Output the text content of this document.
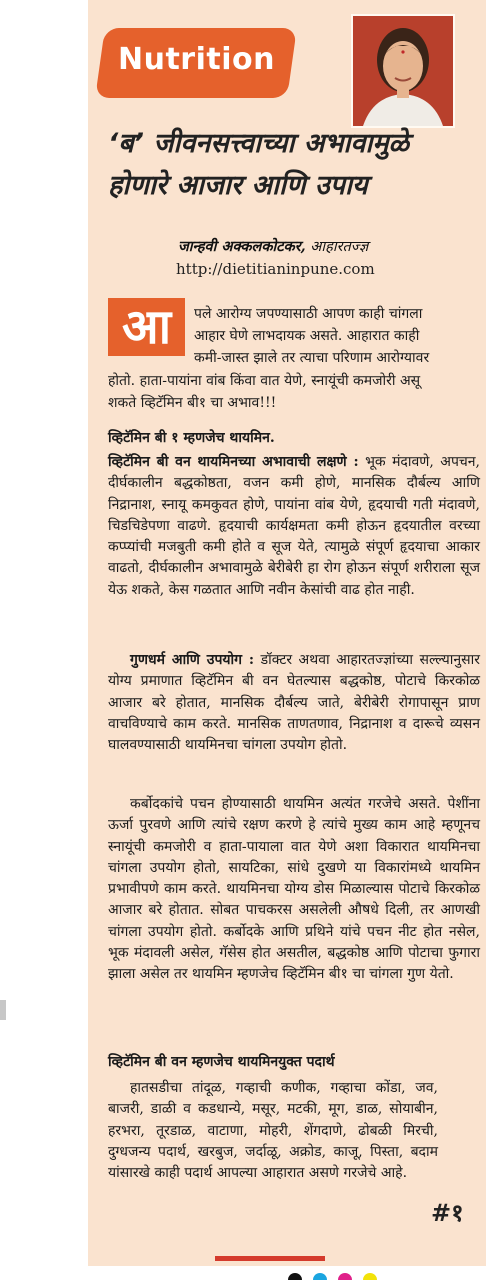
Nutrition
‘ब’ जीवनसत्त्वाच्या अभावामुळे
होणारे आजार आणि उपाय
जान्हवी अक्कलकोटकर, आहारतज्ज्ञ
http://dietitianinpune.com
आ	पले आरोग्य जपण्यासाठी आपण काही चांगला
आहार घेणे लाभदायक असते. आहारात काही
कमी-जास्त झाले तर त्याचा परिणाम आरोग्यावर
होतो. हाता-पायांना वांब किंवा वात येणे, स्नायूंची कमजोरी असू
शकते व्हिटॅमिन बी१ चा अभाव!!!
व्हिटॅमिन बी १ म्हणजेच थायमिन.
व्हिटॅमिन बी वन थायमिनच्या अभावाची लक्षणे : भूक मंदावणे, अपचन, दीर्घकालीन बद्धकोष्ठता, वजन कमी होणे, मानसिक दौर्बल्य आणि निद्रानाश, स्नायू कमकुवत होणे, पायांना वांब येणे, हृदयाची गती मंदावणे, चिडचिडेपणा वाढणे. हृदयाची कार्यक्षमता कमी होऊन हृदयातील वरच्या कप्प्यांची मजबुती कमी होते व सूज येते, त्यामुळे संपूर्ण हृदयाचा आकार वाढतो, दीर्घकालीन अभावामुळे बेरीबेरी हा रोग होऊन संपूर्ण शरीराला सूज येऊ शकते, केस गळतात आणि नवीन केसांची वाढ होत नाही.
गुणधर्म आणि उपयोग : डॉक्टर अथवा आहारतज्ज्ञांच्या सल्ल्यानुसार योग्य प्रमाणात व्हिटॅमिन बी वन घेतल्यास बद्धकोष्ठ, पोटाचे किरकोळ आजार बरे होतात, मानसिक दौर्बल्य जाते, बेरीबेरी रोगापासून प्राण वाचविण्याचे काम करते. मानसिक ताणतणाव, निद्रानाश व दारूचे व्यसन घालवण्यासाठी थायमिनचा चांगला उपयोग होतो.
कर्बोदकांचे पचन होण्यासाठी थायमिन अत्यंत गरजेचे असते. पेशींना ऊर्जा पुरवणे आणि त्यांचे रक्षण करणे हे त्यांचे मुख्य काम आहे म्हणूनच स्नायूंची कमजोरी व हाता-पायाला वात येणे अशा विकारात थायमिनचा चांगला उपयोग होतो, सायटिका, सांधे दुखणे या विकारांमध्ये थायमिन प्रभावीपणे काम करते. थायमिनचा योग्य डोस मिळाल्यास पोटाचे किरकोळ आजार बरे होतात. सोबत पाचकरस असलेली औषधे दिली, तर आणखी चांगला उपयोग होतो. कर्बोदके आणि प्रथिने यांचे पचन नीट होत नसेल, भूक मंदावली असेल, गॅसेस होत असतील, बद्धकोष्ठ आणि पोटाचा फुगारा झाला असेल तर थायमिन म्हणजेच व्हिटॅमिन बी१ चा चांगला गुण येतो.
व्हिटॅमिन बी वन म्हणजेच थायमिनयुक्त पदार्थ
हातसडीचा तांदूळ, गव्हाची कणीक, गव्हाचा कोंडा, जव, बाजरी, डाळी व कडधान्ये, मसूर, मटकी, मूग, डाळ, सोयाबीन, हरभरा, तूरडाळ, वाटाणा, मोहरी, शेंगदाणे, ढोबळी मिरची, दुग्धजन्य पदार्थ, खरबुज, जर्दाळू, अक्रोड, काजू, पिस्ता, बदाम यांसारखे काही पदार्थ आपल्या आहारात असणे गरजेचे आहे.
#१
